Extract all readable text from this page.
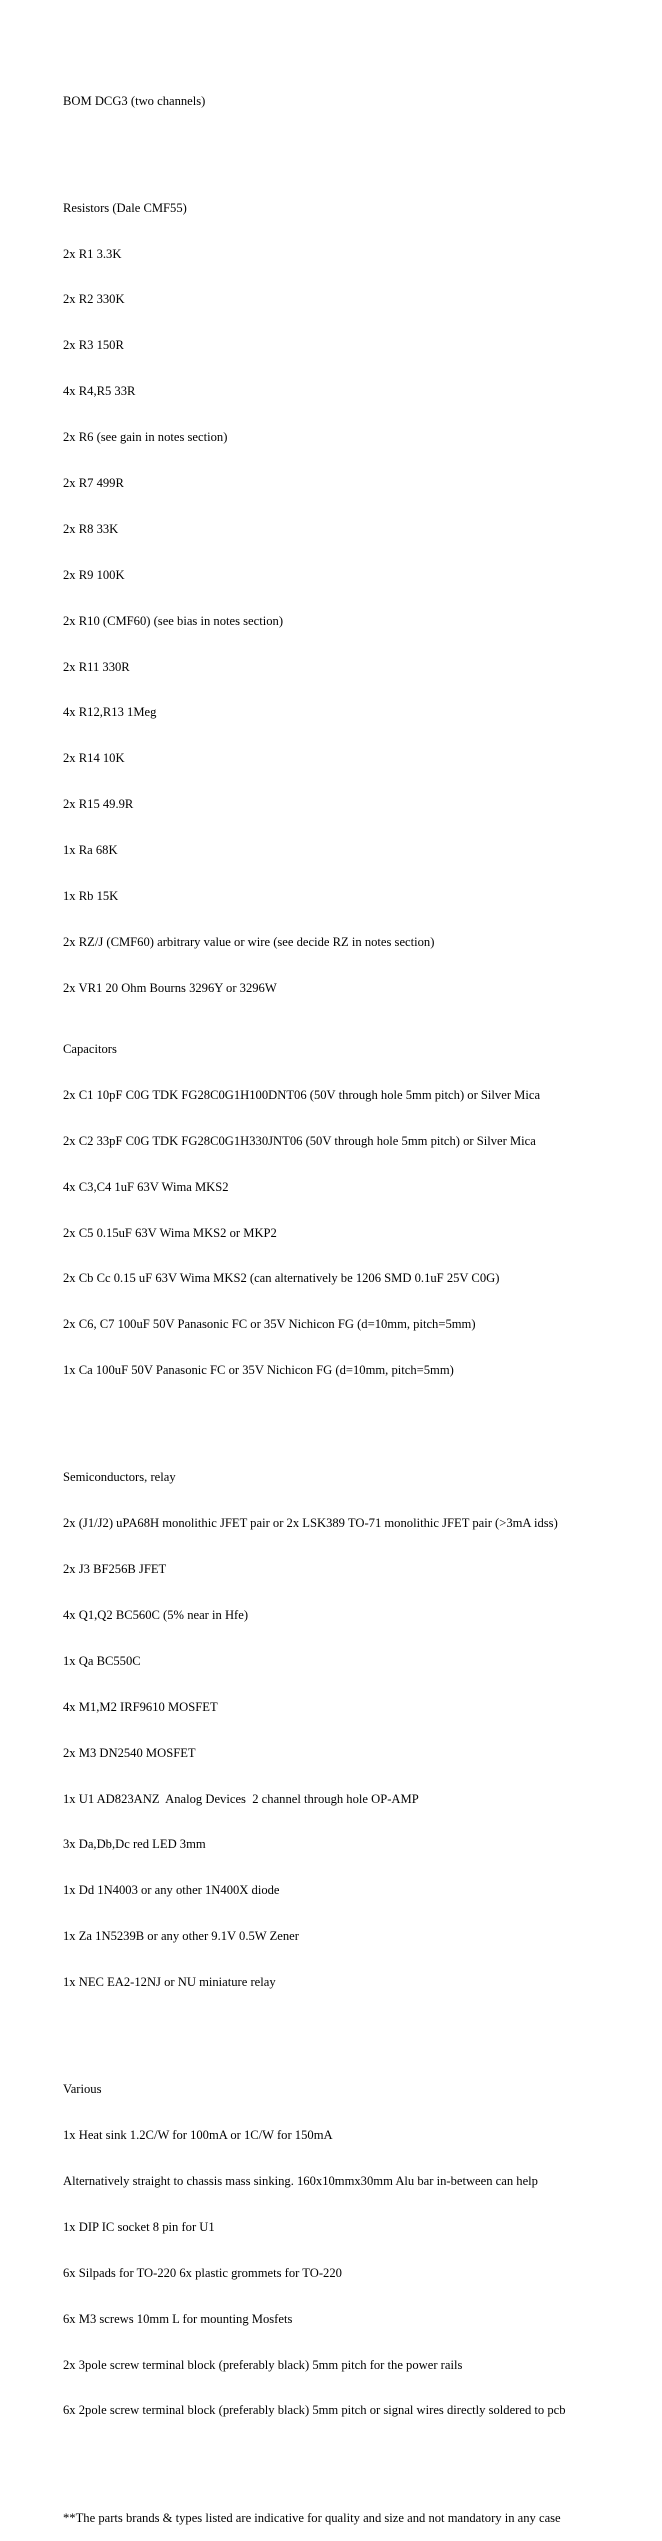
BOM DCG3 (two channels)

Resistors (Dale CMF55)

2x R1 3.3K

2x R2 330K

2x R3 150R

4x R4,R5 33R

2x R6 (see gain in notes section)

2x R7 499R

2x R8 33K

2x R9 100K

2x R10 (CMF60) (see bias in notes section)

2x R11 330R

4x R12,R13 1Meg

2x R14 10K

2x R15 49.9R

1x Ra 68K

1x Rb 15K

2x RZ/J (CMF60) arbitrary value or wire (see decide RZ in notes section)

2x VR1 20 Ohm Bourns 3296Y or 3296W

Capacitors

2x C1 10pF C0G TDK FG28C0G1H100DNT06 (50V through hole 5mm pitch) or Silver Mica

2x C2 33pF C0G TDK FG28C0G1H330JNT06 (50V through hole 5mm pitch) or Silver Mica

4x C3,C4 1uF 63V Wima MKS2

2x C5 0.15uF 63V Wima MKS2 or MKP2

2x Cb Cc 0.15 uF 63V Wima MKS2 (can alternatively be 1206 SMD 0.1uF 25V C0G)

2x C6, C7 100uF 50V Panasonic FC or 35V Nichicon FG (d=10mm, pitch=5mm)

1x Ca 100uF 50V Panasonic FC or 35V Nichicon FG (d=10mm, pitch=5mm)

Semiconductors, relay

2x (J1/J2) uPA68H monolithic JFET pair or 2x LSK389 TO-71 monolithic JFET pair (>3mA idss)

2x J3 BF256B JFET

4x Q1,Q2 BC560C (5% near in Hfe)

1x Qa BC550C

4x M1,M2 IRF9610 MOSFET

2x M3 DN2540 MOSFET

1x U1 AD823ANZ  Analog Devices  2 channel through hole OP-AMP

3x Da,Db,Dc red LED 3mm

1x Dd 1N4003 or any other 1N400X diode

1x Za 1N5239B or any other 9.1V 0.5W Zener

1x NEC EA2-12NJ or NU miniature relay

Various

1x Heat sink 1.2C/W for 100mA or 1C/W for 150mA

Alternatively straight to chassis mass sinking. 160x10mmx30mm Alu bar in-between can help

1x DIP IC socket 8 pin for U1

6x Silpads for TO-220 6x plastic grommets for TO-220

6x M3 screws 10mm L for mounting Mosfets

2x 3pole screw terminal block (preferably black) 5mm pitch for the power rails

6x 2pole screw terminal block (preferably black) 5mm pitch or signal wires directly soldered to pcb

**The parts brands & types listed are indicative for quality and size and not mandatory in any case
